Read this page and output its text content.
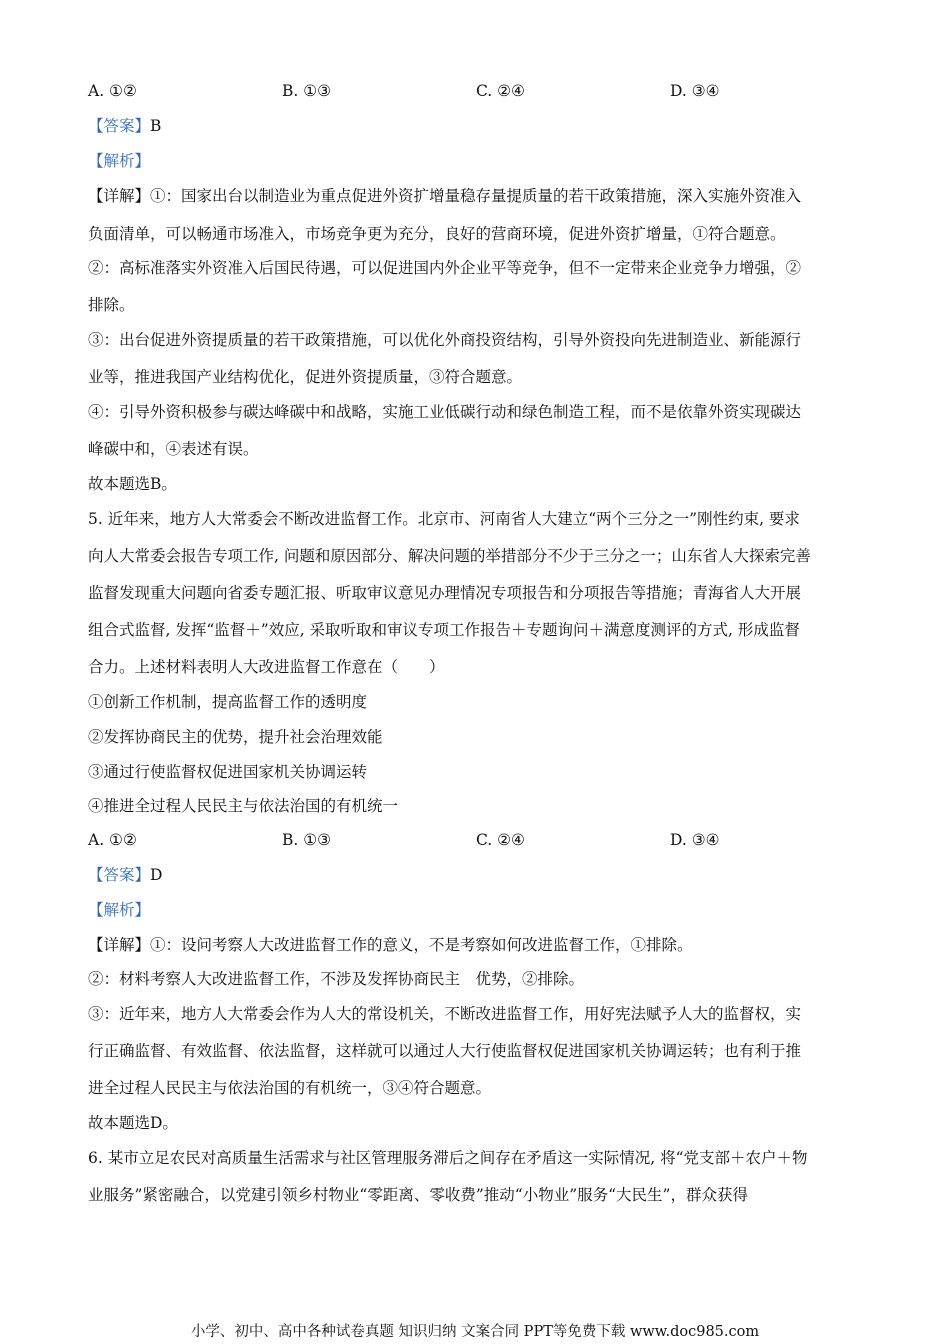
A. ①②	B. ①③	C. ②④	D. ③④
【答案】B
【解析】
【详解】①：国家出台以制造业为重点促进外资扩增量稳存量提质量的若干政策措施，深入实施外资准入
负面清单，可以畅通市场准入，市场竞争更为充分，良好的营商环境，促进外资扩增量，①符合题意。
②：高标准落实外资准入后国民待遇，可以促进国内外企业平等竞争，但不一定带来企业竞争力增强，②
排除。
③：出台促进外资提质量的若干政策措施，可以优化外商投资结构，引导外资投向先进制造业、新能源行
业等，推进我国产业结构优化，促进外资提质量，③符合题意。
④：引导外资积极参与碳达峰碳中和战略，实施工业低碳行动和绿色制造工程，而不是依靠外资实现碳达
峰碳中和，④表述有误。
故本题选B。
5. 近年来，地方人大常委会不断改进监督工作。北京市、河南省人大建立“两个三分之一”刚性约束, 要求
向人大常委会报告专项工作, 问题和原因部分、解决问题的举措部分不少于三分之一；山东省人大探索完善
监督发现重大问题向省委专题汇报、听取审议意见办理情况专项报告和分项报告等措施；青海省人大开展
组合式监督, 发挥“监督＋”效应, 采取听取和审议专项工作报告＋专题询问＋满意度测评的方式, 形成监督
合力。上述材料表明人大改进监督工作意在（　　）
①创新工作机制，提高监督工作的透明度
②发挥协商民主的优势，提升社会治理效能
③通过行使监督权促进国家机关协调运转
④推进全过程人民民主与依法治国的有机统一
A. ①②	B. ①③	C. ②④	D. ③④
【答案】D
【解析】
【详解】①：设问考察人大改进监督工作的意义，不是考察如何改进监督工作，①排除。
②：材料考察人大改进监督工作，不涉及发挥协商民主　优势，②排除。
③：近年来，地方人大常委会作为人大的常设机关，不断改进监督工作，用好宪法赋予人大的监督权，实
行正确监督、有效监督、依法监督，这样就可以通过人大行使监督权促进国家机关协调运转；也有利于推
进全过程人民民主与依法治国的有机统一，③④符合题意。
故本题选D。
6. 某市立足农民对高质量生活需求与社区管理服务滞后之间存在矛盾这一实际情况, 将“党支部＋农户＋物
业服务”紧密融合，以党建引领乡村物业“零距离、零收费”推动“小物业”服务“大民生”，群众获得
小学、初中、高中各种试卷真题 知识归纳 文案合同 PPT等免费下载 www.doc985.com
